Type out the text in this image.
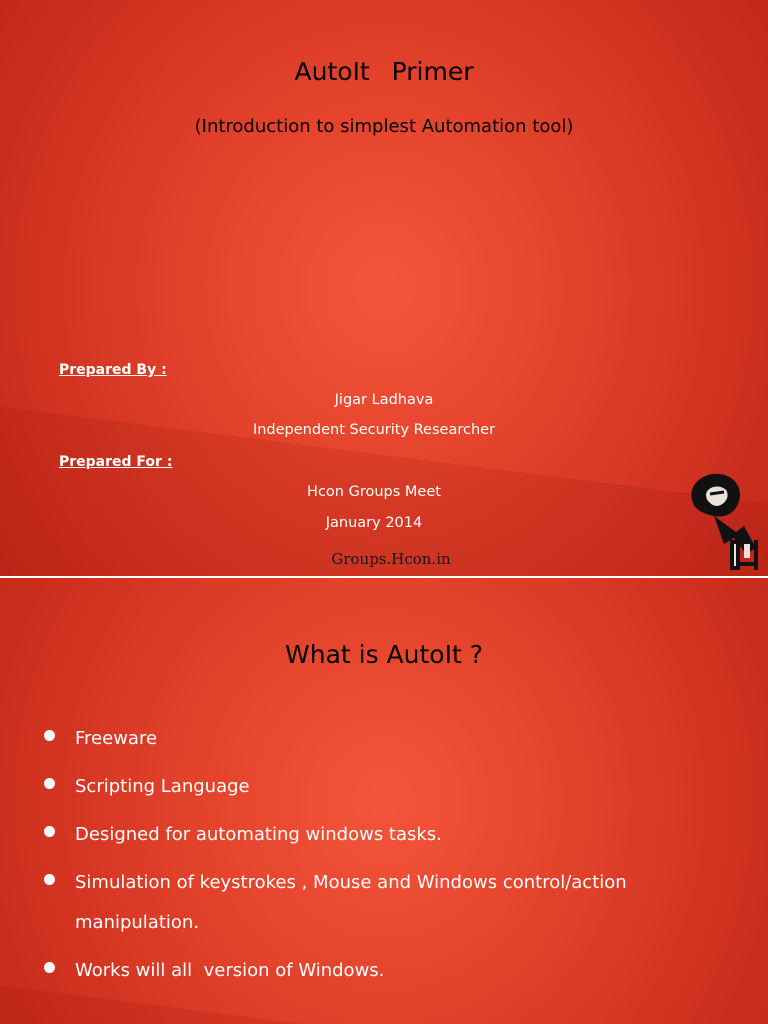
AutoIt  Primer
(Introduction to simplest Automation tool)
Prepared By :
Jigar Ladhava
Independent Security Researcher
Prepared For :
Hcon Groups Meet
January 2014
Groups.Hcon.in
What is AutoIt ?
Freeware
Scripting Language
Designed for automating windows tasks.
Simulation of keystrokes , Mouse and Windows control/action manipulation.
Works will all  version of Windows.
